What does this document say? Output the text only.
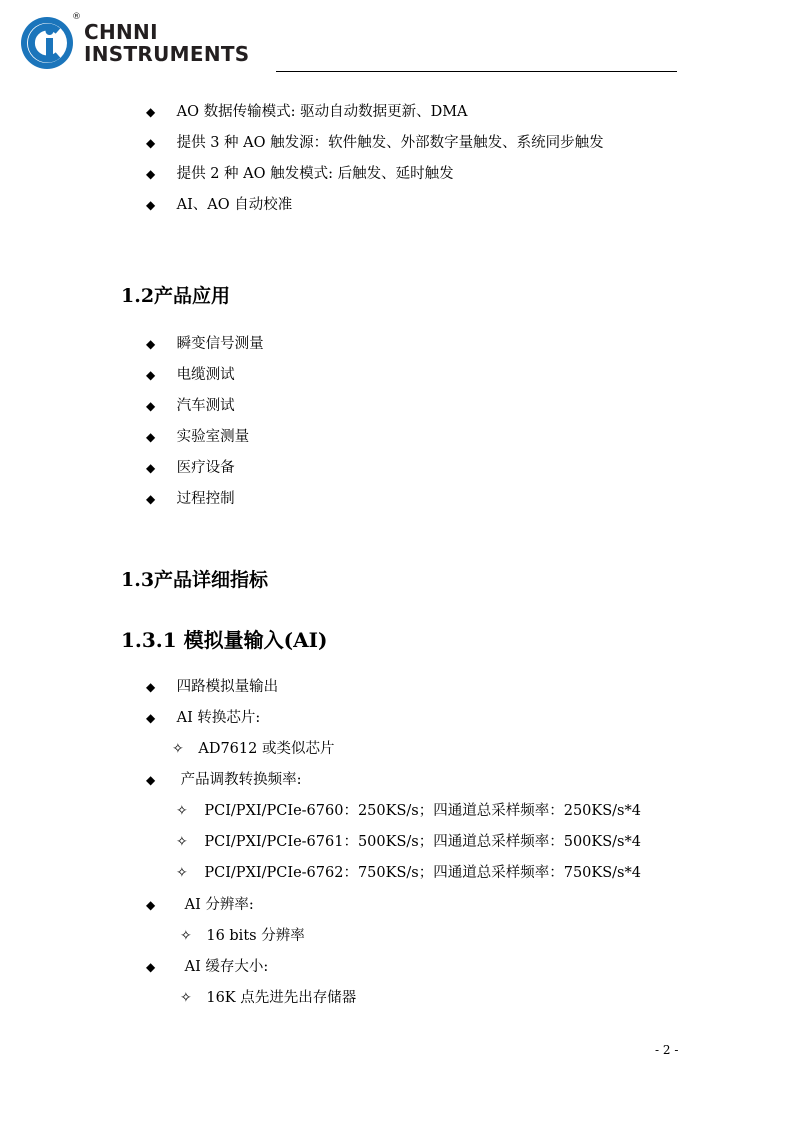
®
CHNNI
INSTRUMENTS
◆ AO 数据传输模式: 驱动自动数据更新、DMA
◆ 提供 3 种 AO 触发源：软件触发、外部数字量触发、系统同步触发
◆ 提供 2 种 AO 触发模式: 后触发、延时触发
◆ AI、AO 自动校准
1.2产品应用
◆ 瞬变信号测量
◆ 电缆测试
◆ 汽车测试
◆ 实验室测量
◆ 医疗设备
◆ 过程控制
1.3产品详细指标
1.3.1 模拟量输入(AI)
◆ 四路模拟量输出
◆ AI 转换芯片:
✧ AD7612 或类似芯片
◆ 产品调教转换频率:
✧ PCI/PXI/PCIe-6760：250KS/s；四通道总采样频率：250KS/s*4
✧ PCI/PXI/PCIe-6761：500KS/s；四通道总采样频率：500KS/s*4
✧ PCI/PXI/PCIe-6762：750KS/s；四通道总采样频率：750KS/s*4
◆ AI 分辨率:
✧ 16 bits 分辨率
◆ AI 缓存大小:
✧ 16K 点先进先出存储器
- 2 -
